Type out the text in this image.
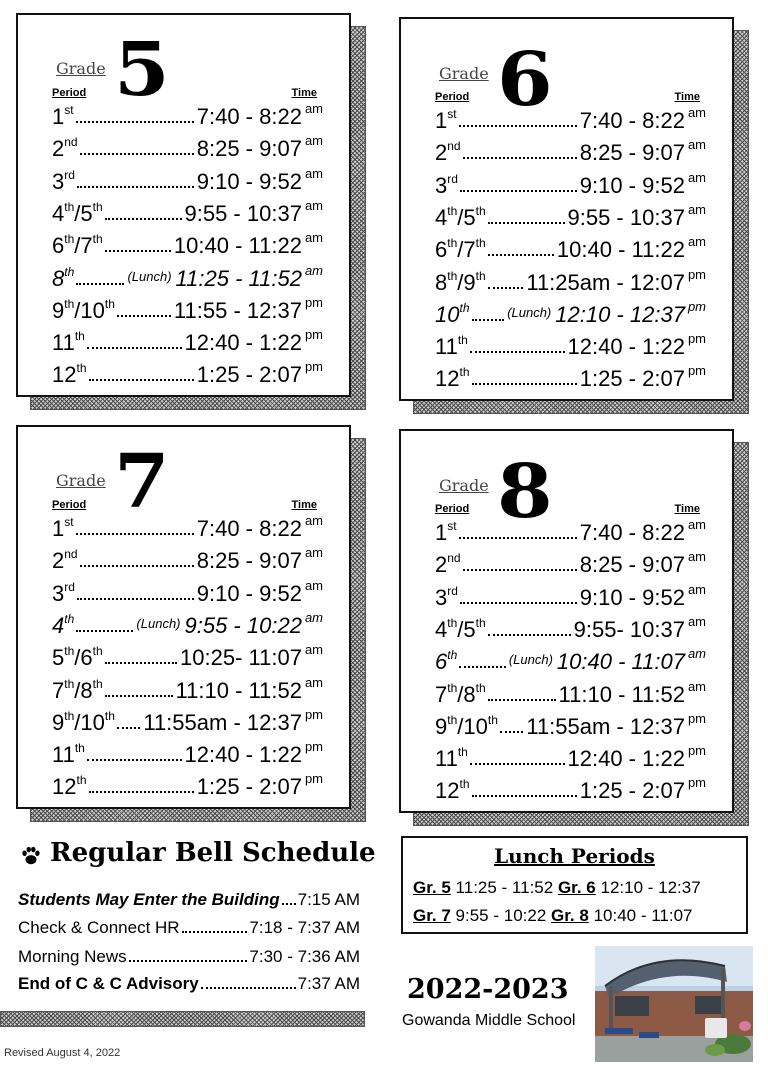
Grade 5
Period	Time
1st	7:40 - 8:22 $^{am}$
2nd	8:25 - 9:07 $^{am}$
3rd	9:10 - 9:52 $^{am}$
4th/5th	9:55 - 10:37 $^{am}$
6th/7th	10:40 - 11:22 $^{am}$
8th	(Lunch) 11:25 - 11:52 $^{am}$
9th/10th	11:55 - 12:37 $^{pm}$
11th	12:40 - 1:22 $^{pm}$
12th	1:25 - 2:07 $^{pm}$
Grade 6
Period	Time
1st	7:40 - 8:22 $^{am}$
2nd	8:25 - 9:07 $^{am}$
3rd	9:10 - 9:52 $^{am}$
4th/5th	9:55 - 10:37 $^{am}$
6th/7th	10:40 - 11:22 $^{am}$
8th/9th 11:25am - 12:07 $^{pm}$
10th	(Lunch) 12:10 - 12:37 $^{pm}$
11th	12:40 - 1:22 $^{pm}$
12th	1:25 - 2:07 $^{pm}$
Grade 7
Period	Time
1st	7:40 - 8:22 $^{am}$
2nd	8:25 - 9:07 $^{am}$
3rd	9:10 - 9:52 $^{am}$
4th	(Lunch) 9:55 - 10:22 $^{am}$
5th/6th	10:25- 11:07 $^{am}$
7th/8th	11:10 - 11:52 $^{am}$
9th/10th 11:55am - 12:37 $^{pm}$
11th	12:40 - 1:22 $^{pm}$
12th	1:25 - 2:07 $^{pm}$
Grade 8
Period	Time
1st	7:40 - 8:22 $^{am}$
2nd	8:25 - 9:07 $^{am}$
3rd	9:10 - 9:52 $^{am}$
4th/5th	9:55- 10:37 $^{am}$
6th	(Lunch) 10:40 - 11:07 $^{am}$
7th/8th	11:10 - 11:52 $^{am}$
9th/10th 11:55am - 12:37 $^{pm}$
11th	12:40 - 1:22 $^{pm}$
12th	1:25 - 2:07 $^{pm}$
Regular Bell Schedule
Students May Enter the Building 7:15 AM
Check & Connect HR	7:18 - 7:37 AM
Morning News	7:30 - 7:36 AM
End of C & C Advisory	7:37 AM
Revised August 4, 2022
Lunch Periods
Gr. 5 11:25 - 11:52 Gr. 6 12:10 - 12:37
Gr. 7 9:55 - 10:22 Gr. 8 10:40 - 11:07
2022-2023
Gowanda Middle School
